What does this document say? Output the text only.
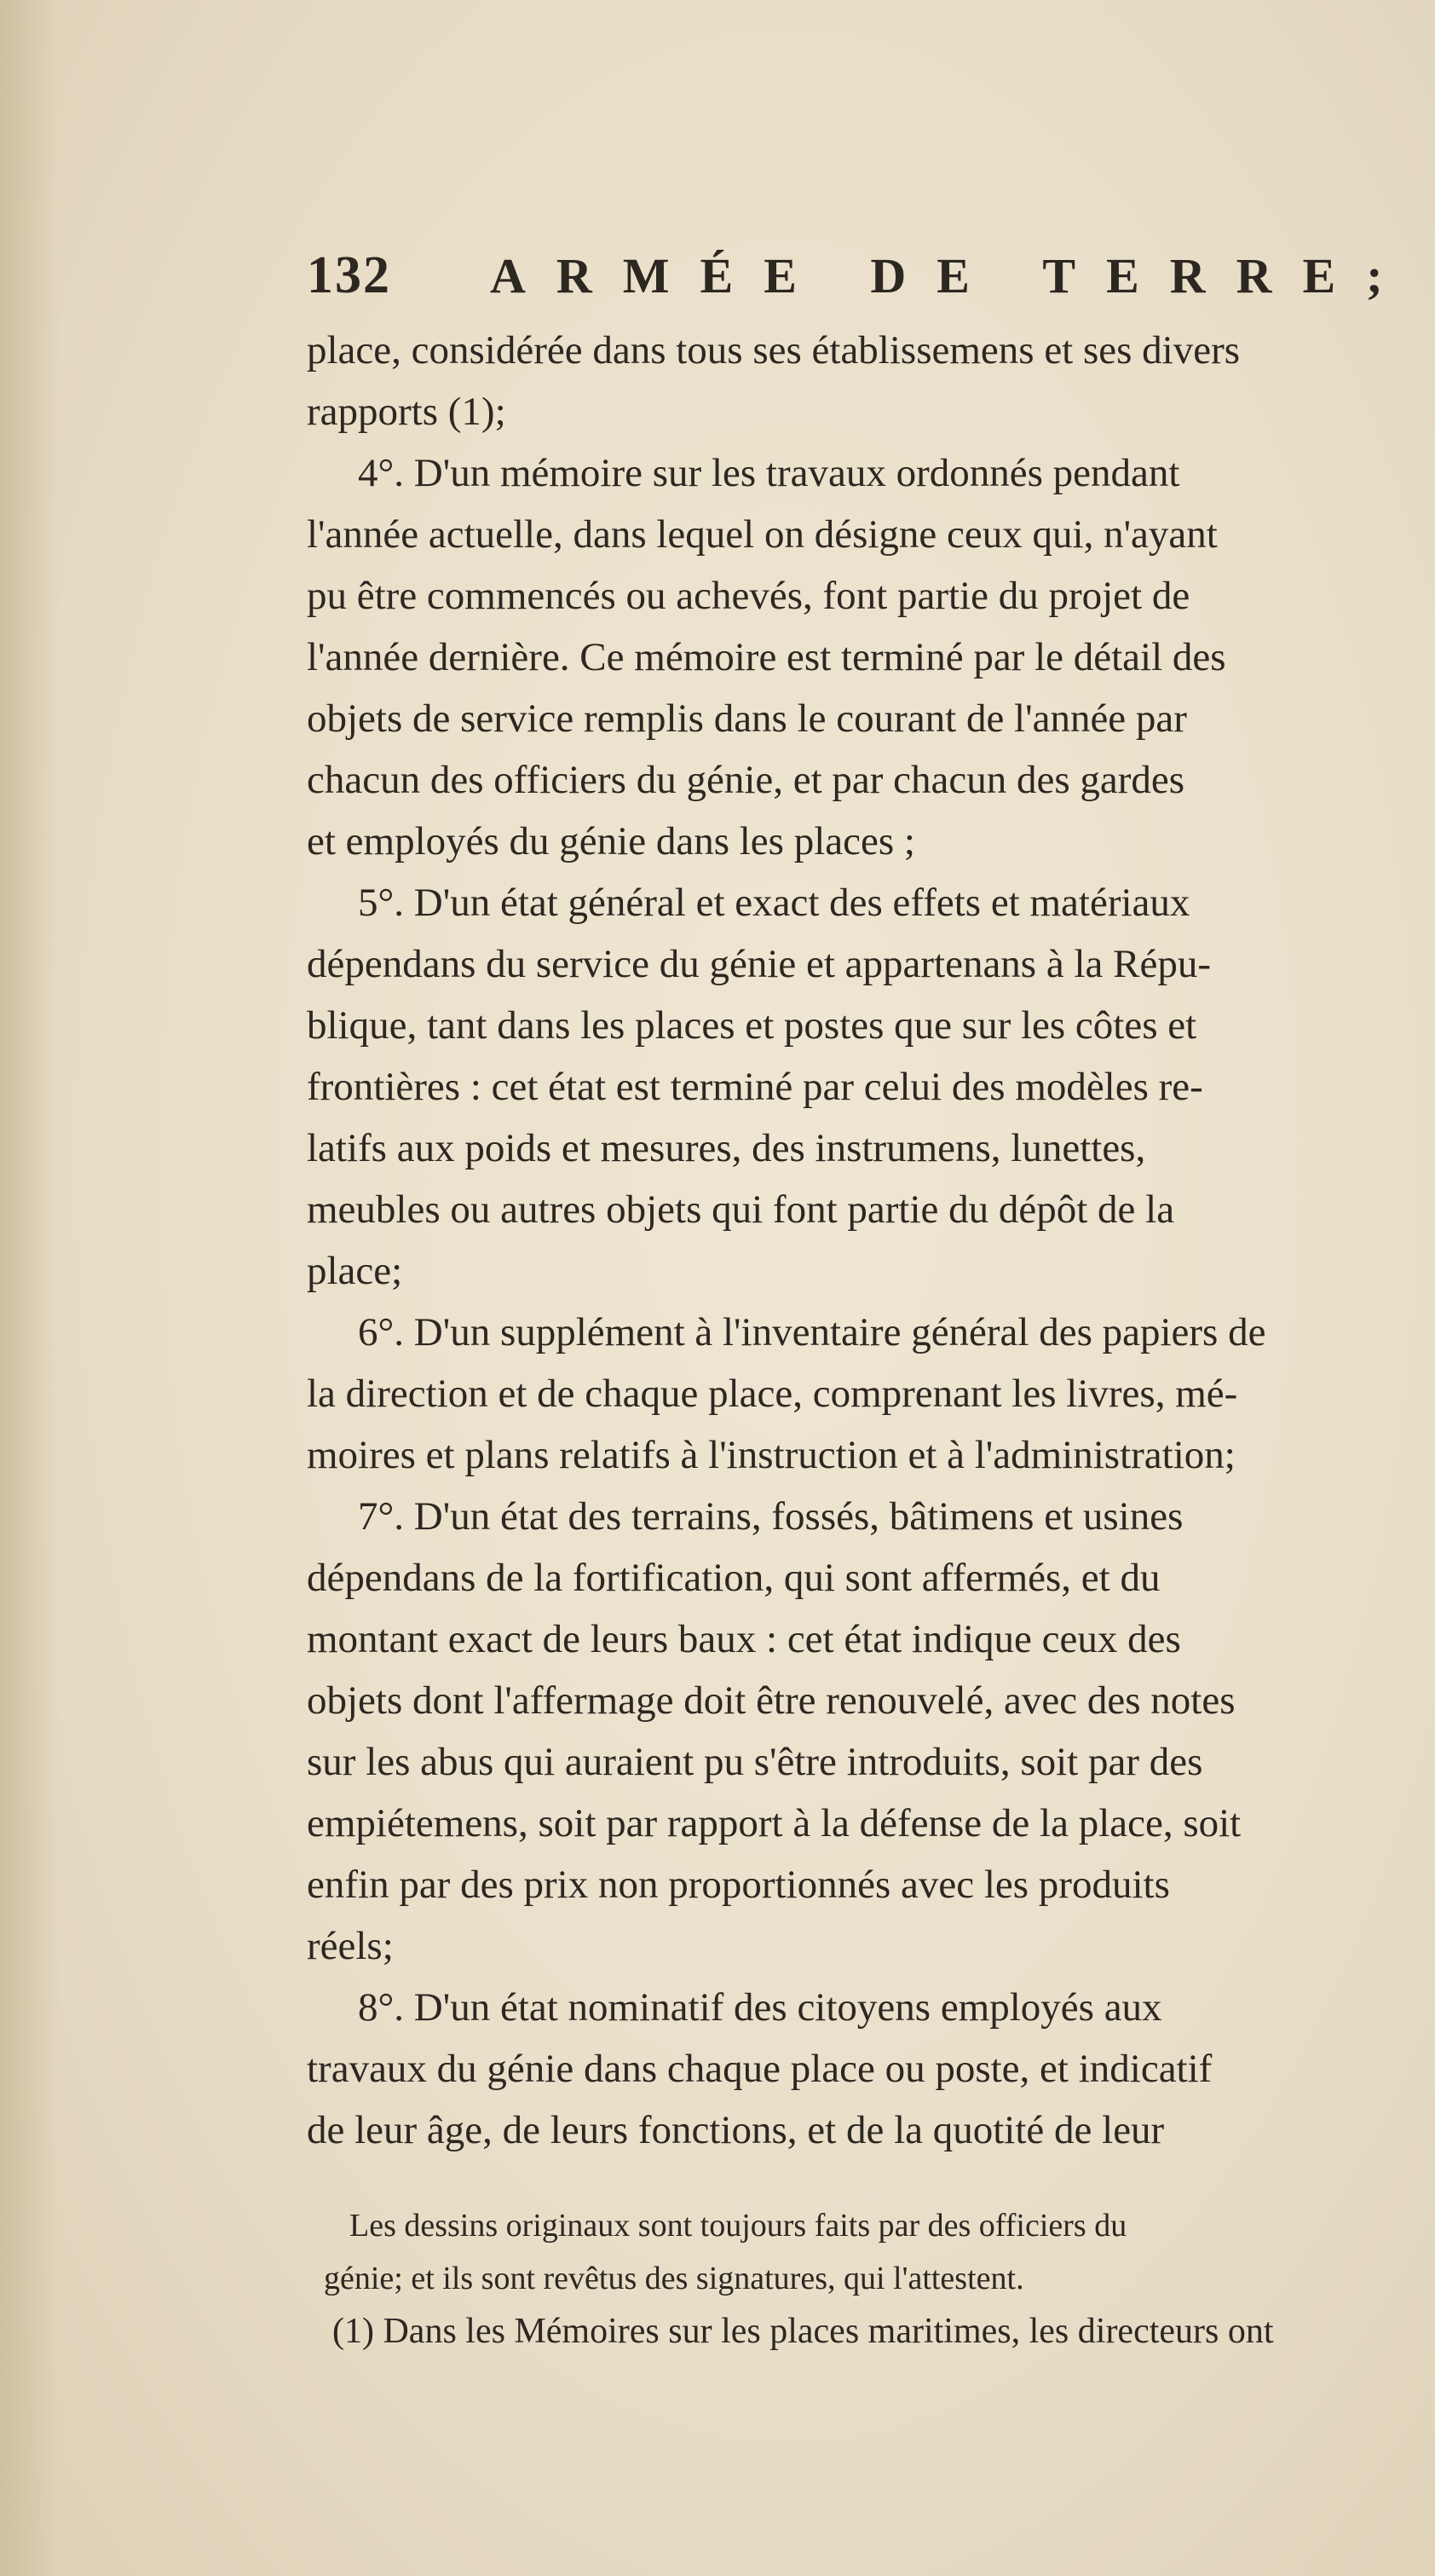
132 ARMÉE DE TERRE;
place, considérée dans tous ses établissemens et ses divers
rapports (1);
4°. D'un mémoire sur les travaux ordonnés pendant
l'année actuelle, dans lequel on désigne ceux qui, n'ayant
pu être commencés ou achevés, font partie du projet de
l'année dernière. Ce mémoire est terminé par le détail des
objets de service remplis dans le courant de l'année par
chacun des officiers du génie, et par chacun des gardes
et employés du génie dans les places ;
5°. D'un état général et exact des effets et matériaux
dépendans du service du génie et appartenans à la Répu-
blique, tant dans les places et postes que sur les côtes et
frontières : cet état est terminé par celui des modèles re-
latifs aux poids et mesures, des instrumens, lunettes,
meubles ou autres objets qui font partie du dépôt de la
place;
6°. D'un supplément à l'inventaire général des papiers de
la direction et de chaque place, comprenant les livres, mé-
moires et plans relatifs à l'instruction et à l'administration;
7°. D'un état des terrains, fossés, bâtimens et usines
dépendans de la fortification, qui sont affermés, et du
montant exact de leurs baux : cet état indique ceux des
objets dont l'affermage doit être renouvelé, avec des notes
sur les abus qui auraient pu s'être introduits, soit par des
empiétemens, soit par rapport à la défense de la place, soit
enfin par des prix non proportionnés avec les produits
réels;
8°. D'un état nominatif des citoyens employés aux
travaux du génie dans chaque place ou poste, et indicatif
de leur âge, de leurs fonctions, et de la quotité de leur
Les dessins originaux sont toujours faits par des officiers du
génie; et ils sont revêtus des signatures, qui l'attestent.
(1) Dans les Mémoires sur les places maritimes, les directeurs ont
